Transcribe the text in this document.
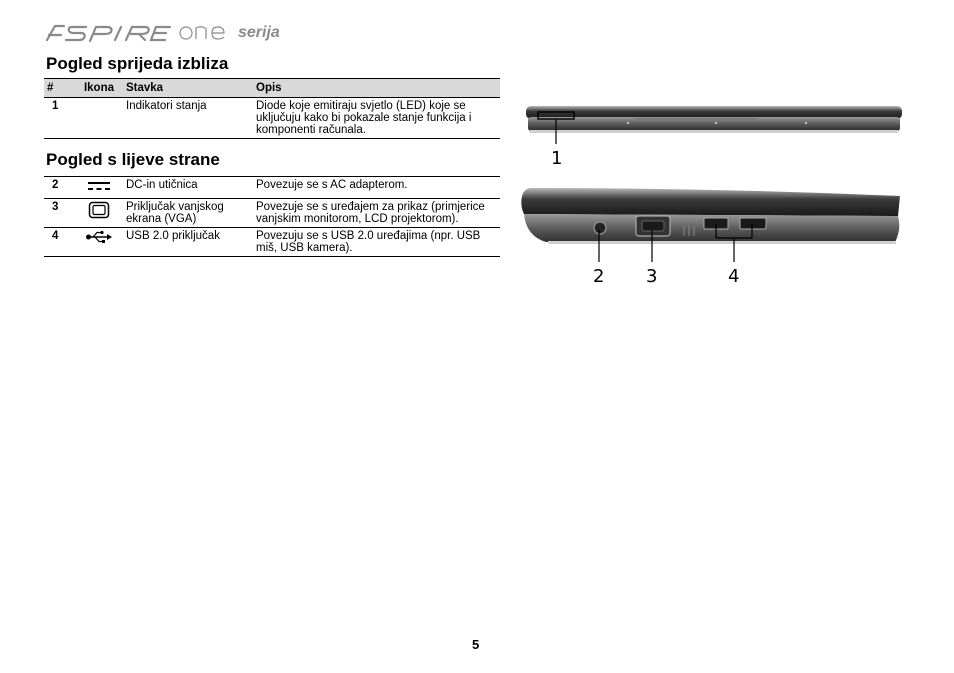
serija
Pogled sprijeda izbliza
#	Ikona	Stavka	Opis
1		Indikatori stanja	Diode koje emitiraju svjetlo (LED) koje se uključuju kako bi pokazale stanje funkcija i komponenti računala.
Pogled s lijeve strane
2		DC-in utičnica	Povezuje se s AC adapterom.
3		Priključak vanjskog ekrana (VGA)	Povezuje se s uređajem za prikaz (primjerice vanjskim monitorom, LCD projektorom).
4		USB 2.0 priključak	Povezuju se s USB 2.0 uređajima (npr. USB miš, USB kamera).
1
2 3	4
5
